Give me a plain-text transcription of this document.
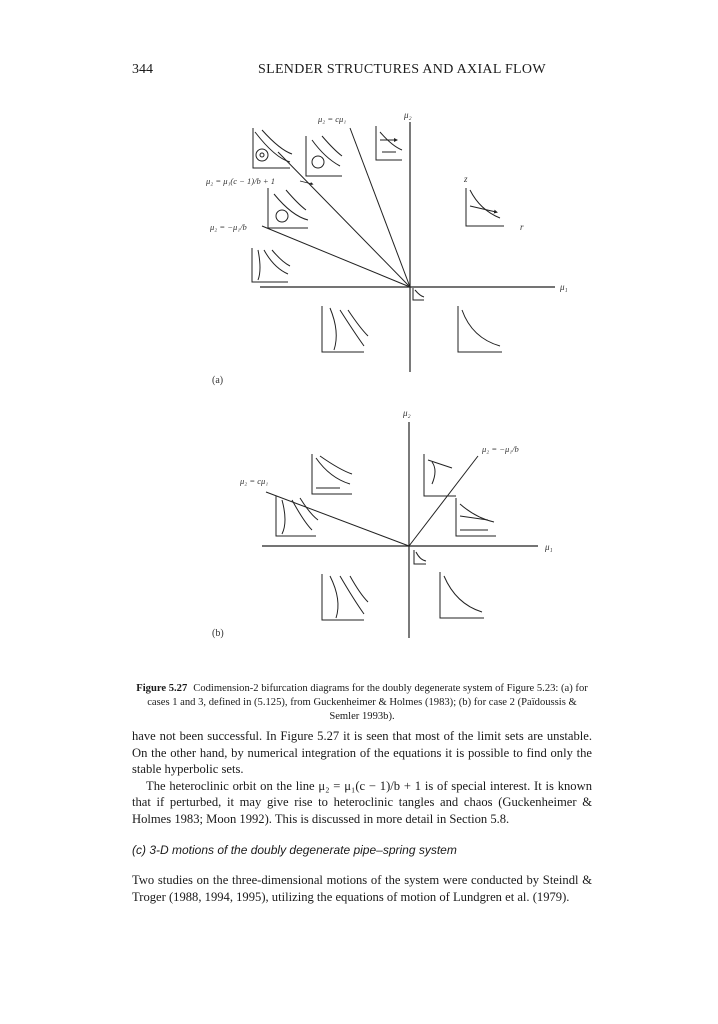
344	SLENDER STRUCTURES AND AXIAL FLOW
μ₁
μ₂
μ₂ = cμ₁
μ₂ = μ₁(c − 1)/b + 1
μ₂ = −μ₁/b
z
r
(a)
μ₁
μ₂
μ₂ = −μ₁/b
μ₂ = cμ₁
(b)
Figure 5.27 Codimension-2 bifurcation diagrams for the doubly degenerate system of Figure 5.23: (a) for cases 1 and 3, defined in (5.125), from Guckenheimer & Holmes (1983); (b) for case 2 (Païdoussis & Semler 1993b).

have not been successful. In Figure 5.27 it is seen that most of the limit sets are unstable. On the other hand, by numerical integration of the equations it is possible to find only the stable hyperbolic sets.

The heteroclinic orbit on the line μ₂ = μ₁(c − 1)/b + 1 is of special interest. It is known that if perturbed, it may give rise to heteroclinic tangles and chaos (Guckenheimer & Holmes 1983; Moon 1992). This is discussed in more detail in Section 5.8.

(c) 3-D motions of the doubly degenerate pipe–spring system

Two studies on the three-dimensional motions of the system were conducted by Steindl & Troger (1988, 1994, 1995), utilizing the equations of motion of Lundgren et al. (1979).
